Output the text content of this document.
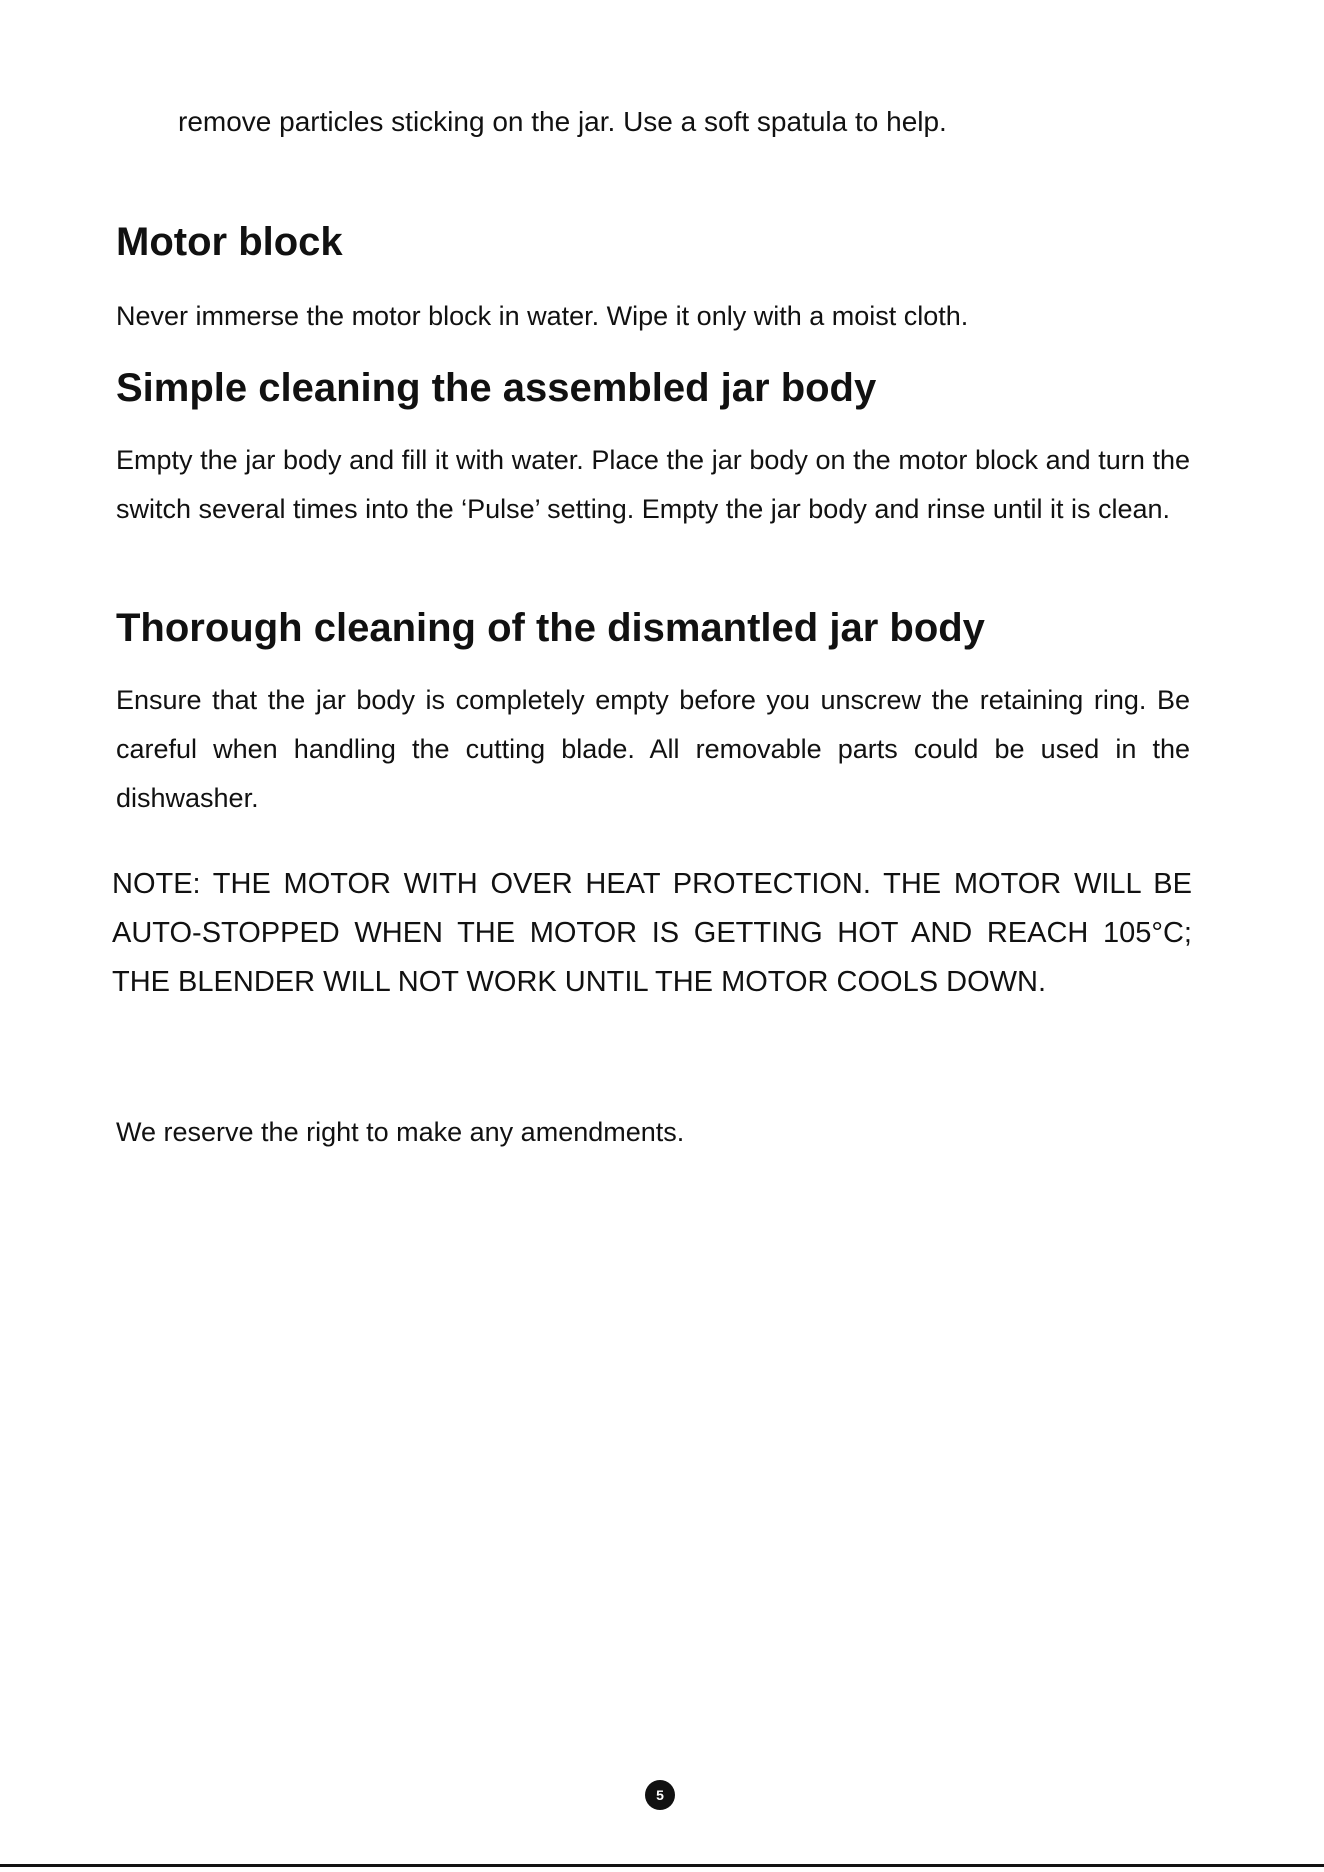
remove particles sticking on the jar. Use a soft spatula to help.

Motor block

Never immerse the motor block in water. Wipe it only with a moist cloth.

Simple cleaning the assembled jar body

Empty the jar body and fill it with water. Place the jar body on the motor block and turn the switch several times into the ‘Pulse’ setting. Empty the jar body and rinse until it is clean.

Thorough cleaning of the dismantled jar body

Ensure that the jar body is completely empty before you unscrew the retaining ring. Be careful when handling the cutting blade. All removable parts could be used in the dishwasher.

NOTE: THE MOTOR WITH OVER HEAT PROTECTION. THE MOTOR WILL BE AUTO-STOPPED WHEN THE MOTOR IS GETTING HOT AND REACH 105°C; THE BLENDER WILL NOT WORK UNTIL THE MOTOR COOLS DOWN.

We reserve the right to make any amendments.

5
